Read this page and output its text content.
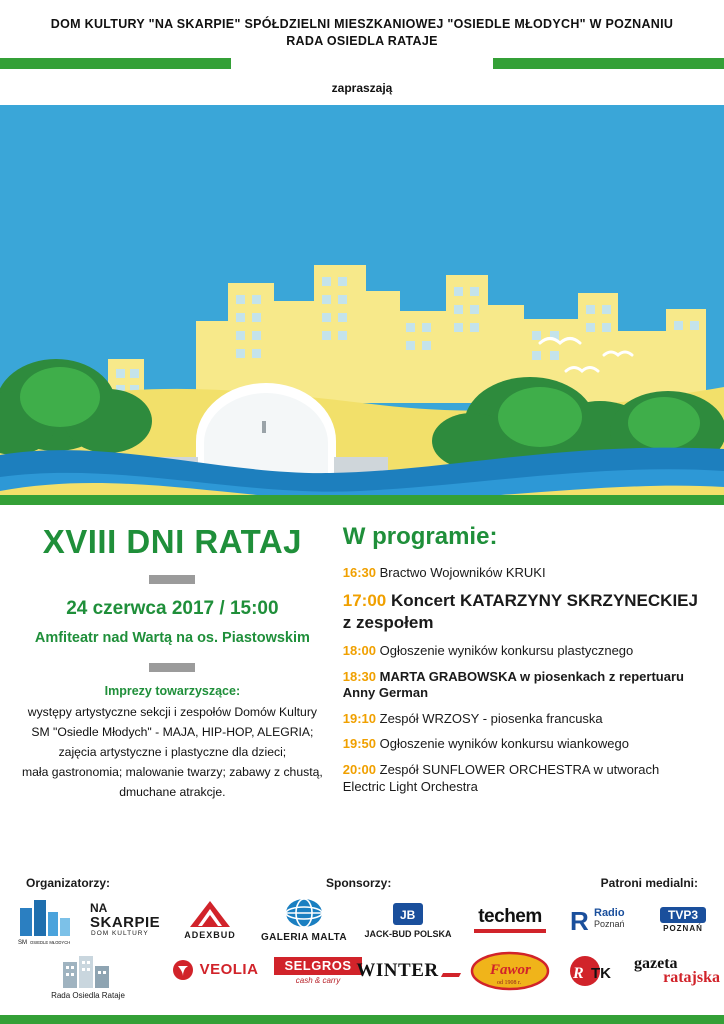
DOM KULTURY "NA SKARPIE" SPÓŁDZIELNI MIESZKANIOWEJ "OSIEDLE MŁODYCH" W POZNANIU
RADA OSIEDLA RATAJE
zapraszają
XVIII DNI RATAJ
24 czerwca 2017 / 15:00
Amfiteatr nad Wartą na os. Piastowskim
Imprezy towarzyszące:
występy artystyczne sekcji i zespołów Domów Kultury
SM "Osiedle Młodych" - MAJA, HIP-HOP, ALEGRIA;
zajęcia artystyczne i plastyczne dla dzieci;
mała gastronomia; malowanie twarzy; zabawy z chustą,
dmuchane atrakcje.
W programie:
16:30 Bractwo Wojowników KRUKI
17:00 Koncert KATARZYNY SKRZYNECKIEJ z zespołem
18:00 Ogłoszenie wyników konkursu plastycznego
18:30 MARTA GRABOWSKA w piosenkach z repertuaru Anny German
19:10 Zespół WRZOSY - piosenka francuska
19:50 Ogłoszenie wyników konkursu wiankowego
20:00 Zespół SUNFLOWER ORCHESTRA w utworach Electric Light Orchestra
Organizatorzy:	Sponsorzy:	Patroni medialni:
SM OSIEDLE MŁODYCH
NA
SKARPIE
DOM KULTURY
Rada Osiedla Rataje
ADEXBUD	GALERIA MALTA
JB
JACK-BUD POLSKA
techem R Radio
Poznań
TVP3
POZNAŃ
VEOLIA	SELGROS
cash & carry WINTER	Fawor
od 1908 r.
R TK
gazeta
ratajska
